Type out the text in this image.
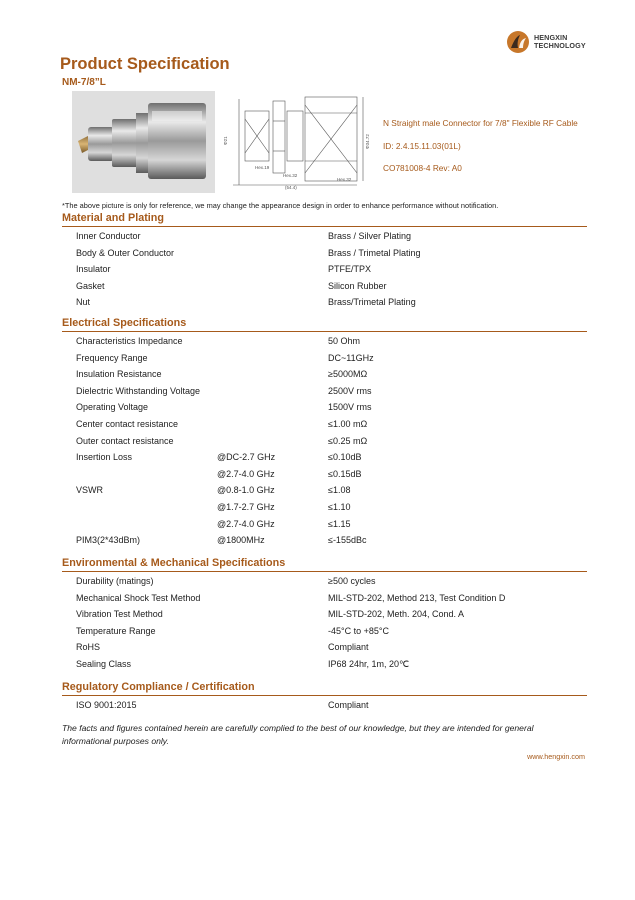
HENGXIN
TECHNOLOGY
Product Specification
NM-7/8”L
Hex.19
Hex.32
Hex.32
(54.4)
Φ21	Φ34.72
N Straight male Connector for 7/8" Flexible RF Cable
ID: 2.4.15.11.03(01L)
CO781008-4 Rev: A0
*The above picture is only for reference, we may change the appearance design in order to enhance performance without notification.
Material and Plating
Inner Conductor	Brass / Silver Plating
Body & Outer Conductor	Brass / Trimetal Plating
Insulator	PTFE/TPX
Gasket	Silicon Rubber
Nut	Brass/Trimetal Plating
Electrical Specifications
Characteristics Impedance	50 Ohm
Frequency Range	DC~11GHz
Insulation Resistance	≥5000MΩ
Dielectric Withstanding Voltage	2500V rms
Operating Voltage	1500V rms
Center contact resistance	≤1.00 mΩ
Outer contact resistance	≤0.25 mΩ
Insertion Loss	@DC-2.7 GHz	≤0.10dB
@2.7-4.0 GHz	≤0.15dB
VSWR	@0.8-1.0 GHz	≤1.08
@1.7-2.7 GHz	≤1.10
@2.7-4.0 GHz	≤1.15
PIM3(2*43dBm)	@1800MHz	≤-155dBc
Environmental & Mechanical Specifications
Durability (matings)	≥500 cycles
Mechanical Shock Test Method	MIL-STD-202, Method 213, Test Condition D
Vibration Test Method	MIL-STD-202, Meth. 204, Cond. A
Temperature Range	-45°C to +85°C
RoHS	Compliant
Sealing Class	IP68 24hr, 1m, 20℃
Regulatory Compliance / Certification
ISO 9001:2015	Compliant
The facts and figures contained herein are carefully complied to the best of our knowledge, but they are intended for general informational purposes only.
www.hengxin.com
